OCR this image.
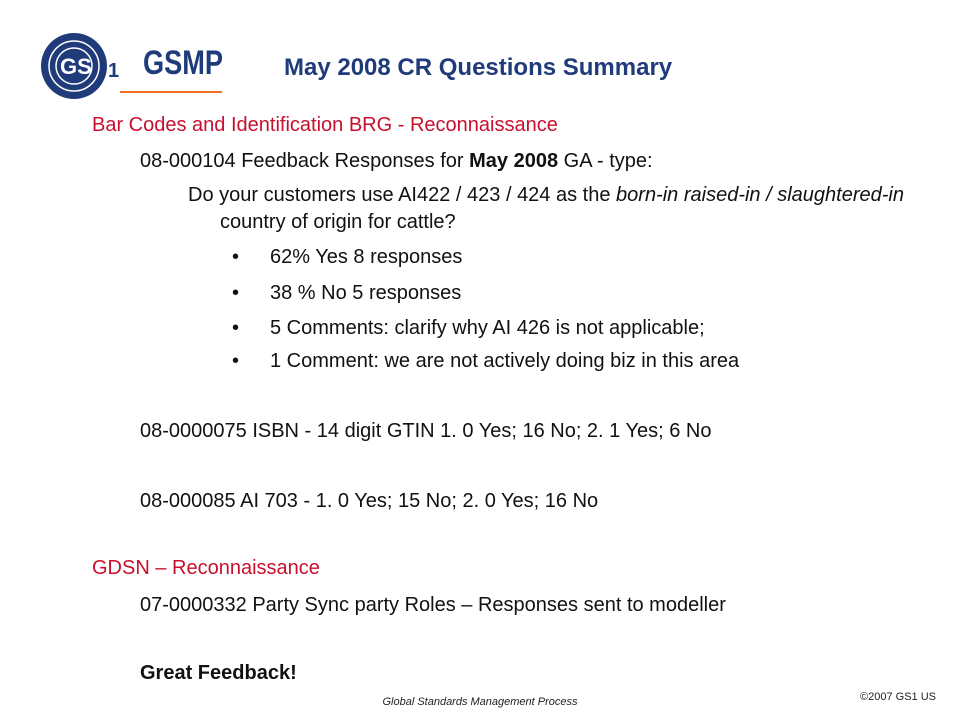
GS 1 GSMP	May 2008 CR Questions Summary
Bar Codes and Identification BRG - Reconnaissance
08-000104 Feedback Responses for May 2008 GA - type:
Do your customers use AI422 / 423 / 424 as the born-in raised-in / slaughtered-in country of origin for cattle?
• 62% Yes 8 responses
• 38 % No 5 responses
• 5 Comments: clarify why AI 426 is not applicable;
• 1 Comment: we are not actively doing biz in this area
08-0000075 ISBN - 14 digit GTIN 1. 0 Yes; 16 No; 2. 1 Yes; 6 No
08-000085 AI 703 - 1. 0 Yes; 15 No; 2. 0 Yes; 16 No
GDSN – Reconnaissance
07-0000332 Party Sync party Roles – Responses sent to modeller
Great Feedback!
Global Standards Management Process	©2007 GS1 US
